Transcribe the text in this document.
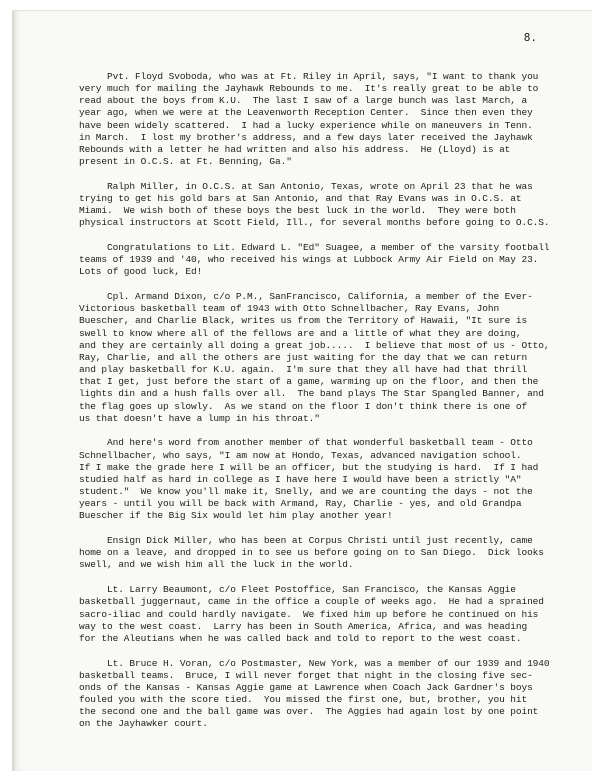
8.
Pvt. Floyd Svoboda, who was at Ft. Riley in April, says, "I want to thank you
very much for mailing the Jayhawk Rebounds to me.  It's really great to be able to
read about the boys from K.U.  The last I saw of a large bunch was last March, a
year ago, when we were at the Leavenworth Reception Center.  Since then even they
have been widely scattered.  I had a lucky experience while on maneuvers in Tenn.
in March.  I lost my brother's address, and a few days later received the Jayhawk
Rebounds with a letter he had written and also his address.  He (Lloyd) is at
present in O.C.S. at Ft. Benning, Ga."
Ralph Miller, in O.C.S. at San Antonio, Texas, wrote on April 23 that he was
trying to get his gold bars at San Antonio, and that Ray Evans was in O.C.S. at
Miami.  We wish both of these boys the best luck in the world.  They were both
physical instructors at Scott Field, Ill., for several months before going to O.C.S.
Congratulations to Lit. Edward L. "Ed" Suagee, a member of the varsity football
teams of 1939 and '40, who received his wings at Lubbock Army Air Field on May 23.
Lots of good luck, Ed!
Cpl. Armand Dixon, c/o P.M., SanFrancisco, California, a member of the Ever-
Victorious basketball team of 1943 with Otto Schnellbacher, Ray Evans, John
Buescher, and Charlie Black, writes us from the Territory of Hawaii, "It sure is
swell to know where all of the fellows are and a little of what they are doing,
and they are certainly all doing a great job.....  I believe that most of us - Otto,
Ray, Charlie, and all the others are just waiting for the day that we can return
and play basketball for K.U. again.  I'm sure that they all have had that thrill
that I get, just before the start of a game, warming up on the floor, and then the
lights din and a hush falls over all.  The band plays The Star Spangled Banner, and
the flag goes up slowly.  As we stand on the floor I don't think there is one of
us that doesn't have a lump in his throat."
And here's word from another member of that wonderful basketball team - Otto
Schnellbacher, who says, "I am now at Hondo, Texas, advanced navigation school.
If I make the grade here I will be an officer, but the studying is hard.  If I had
studied half as hard in college as I have here I would have been a strictly "A"
student."  We know you'll make it, Snelly, and we are counting the days - not the
years - until you will be back with Armand, Ray, Charlie - yes, and old Grandpa
Buescher if the Big Six would let him play another year!
Ensign Dick Miller, who has been at Corpus Christi until just recently, came
home on a leave, and dropped in to see us before going on to San Diego.  Dick looks
swell, and we wish him all the luck in the world.
Lt. Larry Beaumont, c/o Fleet Postoffice, San Francisco, the Kansas Aggie
basketball juggernaut, came in the office a couple of weeks ago.  He had a sprained
sacro-iliac and could hardly navigate.  We fixed him up before he continued on his
way to the west coast.  Larry has been in South America, Africa, and was heading
for the Aleutians when he was called back and told to report to the west coast.
Lt. Bruce H. Voran, c/o Postmaster, New York, was a member of our 1939 and 1940
basketball teams.  Bruce, I will never forget that night in the closing five sec-
onds of the Kansas - Kansas Aggie game at Lawrence when Coach Jack Gardner's boys
fouled you with the score tied.  You missed the first one, but, brother, you hit
the second one and the ball game was over.  The Aggies had again lost by one point
on the Jayhawker court.
